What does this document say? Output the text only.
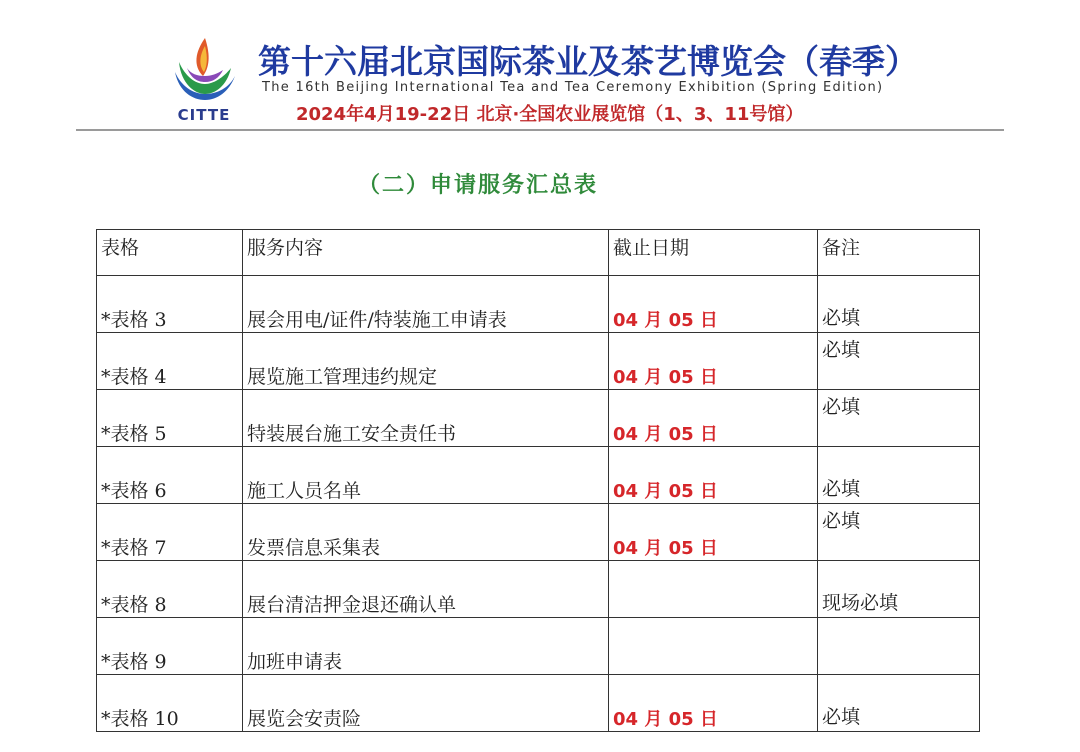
CITTE
第十六届北京国际茶业及茶艺博览会（春季）
The 16th Beijing International Tea and Tea Ceremony Exhibition (Spring Edition)
2024年4月19-22日 北京·全国农业展览馆（1、3、11号馆）
（二）申请服务汇总表
表格	服务内容	截止日期	备注
*表格 3	展会用电/证件/特装施工申请表	04 月 05 日	必填

*表格 4	展览施工管理违约规定	04 月 05 日	必填

*表格 5	特装展台施工安全责任书	04 月 05 日	必填

*表格 6	施工人员名单	04 月 05 日	必填

*表格 7	发票信息采集表	04 月 05 日	必填

*表格 8	展台清洁押金退还确认单		现场必填

*表格 9	加班申请表		

*表格 10	展览会安责险	04 月 05 日	必填
